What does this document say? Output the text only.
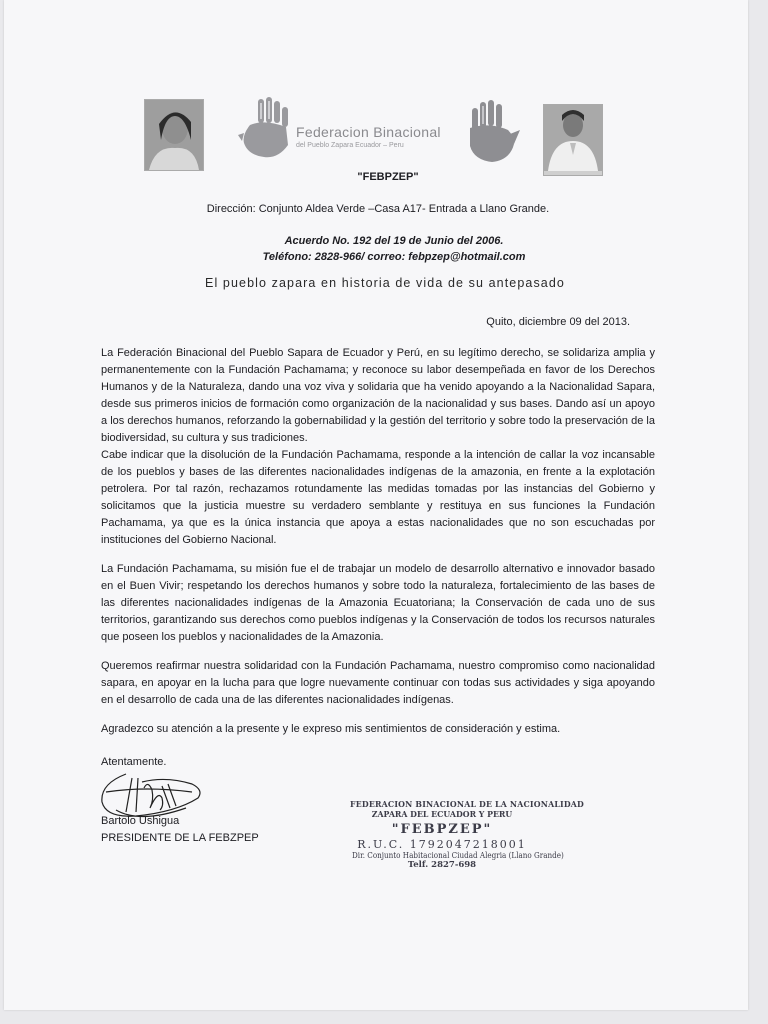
Federacion Binacional
del Pueblo Zapara Ecuador – Peru
"FEBPZEP"
Dirección: Conjunto Aldea Verde –Casa A17- Entrada a Llano Grande.
Acuerdo No. 192 del 19 de Junio del 2006.
Teléfono: 2828-966/ correo: febpzep@hotmail.com
El pueblo zapara en historia de vida de su antepasado
Quito, diciembre 09 del 2013.

La Federación Binacional del Pueblo Sapara de Ecuador y Perú, en su legítimo derecho, se solidariza amplia y permanentemente con la Fundación Pachamama; y reconoce su labor desempeñada en favor de los Derechos Humanos y de la Naturaleza, dando una voz viva y solidaria que ha venido apoyando a la Nacionalidad Sapara, desde sus primeros inicios de formación como organización de la nacionalidad y sus bases. Dando así un apoyo a los derechos humanos, reforzando la gobernabilidad y la gestión del territorio y sobre todo la preservación de la biodiversidad, su cultura y sus tradiciones.

Cabe indicar que la disolución de la Fundación Pachamama, responde a la intención de callar la voz incansable de los pueblos y bases de las diferentes nacionalidades indígenas de la amazonia, en frente a la explotación petrolera. Por tal razón, rechazamos rotundamente las medidas tomadas por las instancias del Gobierno y solicitamos que la justicia muestre su verdadero semblante y restituya en sus funciones la Fundación Pachamama, ya que es la única instancia que apoya a estas nacionalidades que no son escuchadas por instituciones del Gobierno Nacional.

La Fundación Pachamama, su misión fue el de trabajar un modelo de desarrollo alternativo e innovador basado en el Buen Vivir; respetando los derechos humanos y sobre todo la naturaleza, fortalecimiento de las bases de las diferentes nacionalidades indígenas de la Amazonia Ecuatoriana; la Conservación de cada uno de sus territorios, garantizando sus derechos como pueblos indígenas y la Conservación de todos los recursos naturales que poseen los pueblos y nacionalidades de la Amazonia.

Queremos reafirmar nuestra solidaridad con la Fundación Pachamama, nuestro compromiso como nacionalidad sapara, en apoyar en la lucha para que logre nuevamente continuar con todas sus actividades y siga apoyando en el desarrollo de cada una de las diferentes nacionalidades indígenas.

Agradezco su atención a la presente y le expreso mis sentimientos de consideración y estima.

Atentamente.
Bartolo Ushigua
PRESIDENTE DE LA FEBZPEP
FEDERACION BINACIONAL DE LA NACIONALIDAD
ZAPARA DEL ECUADOR Y PERU
"FEBPZEP"
R.U.C. 1792047218001
Dir. Conjunto Habitacional Ciudad Alegria (Llano Grande)
Telf. 2827-698
